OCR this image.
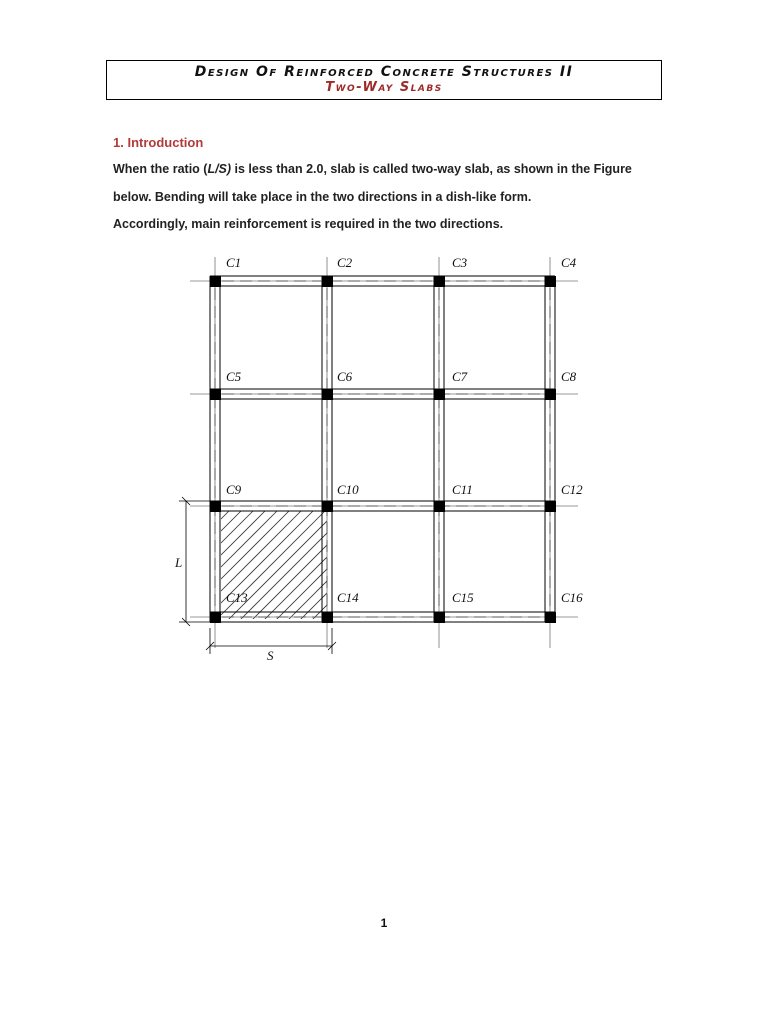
Design Of Reinforced Concrete Structures II
Two-Way Slabs
1. Introduction
When the ratio (L/S) is less than 2.0, slab is called two-way slab, as shown in the Figure
below. Bending will take place in the two directions in a dish-like form.
Accordingly, main reinforcement is required in the two directions.
C1	C2	C3	C4
C5	C6	C7	C8
C9	C10	C11	C12
C13	C14	C15	C16
L
S
1
